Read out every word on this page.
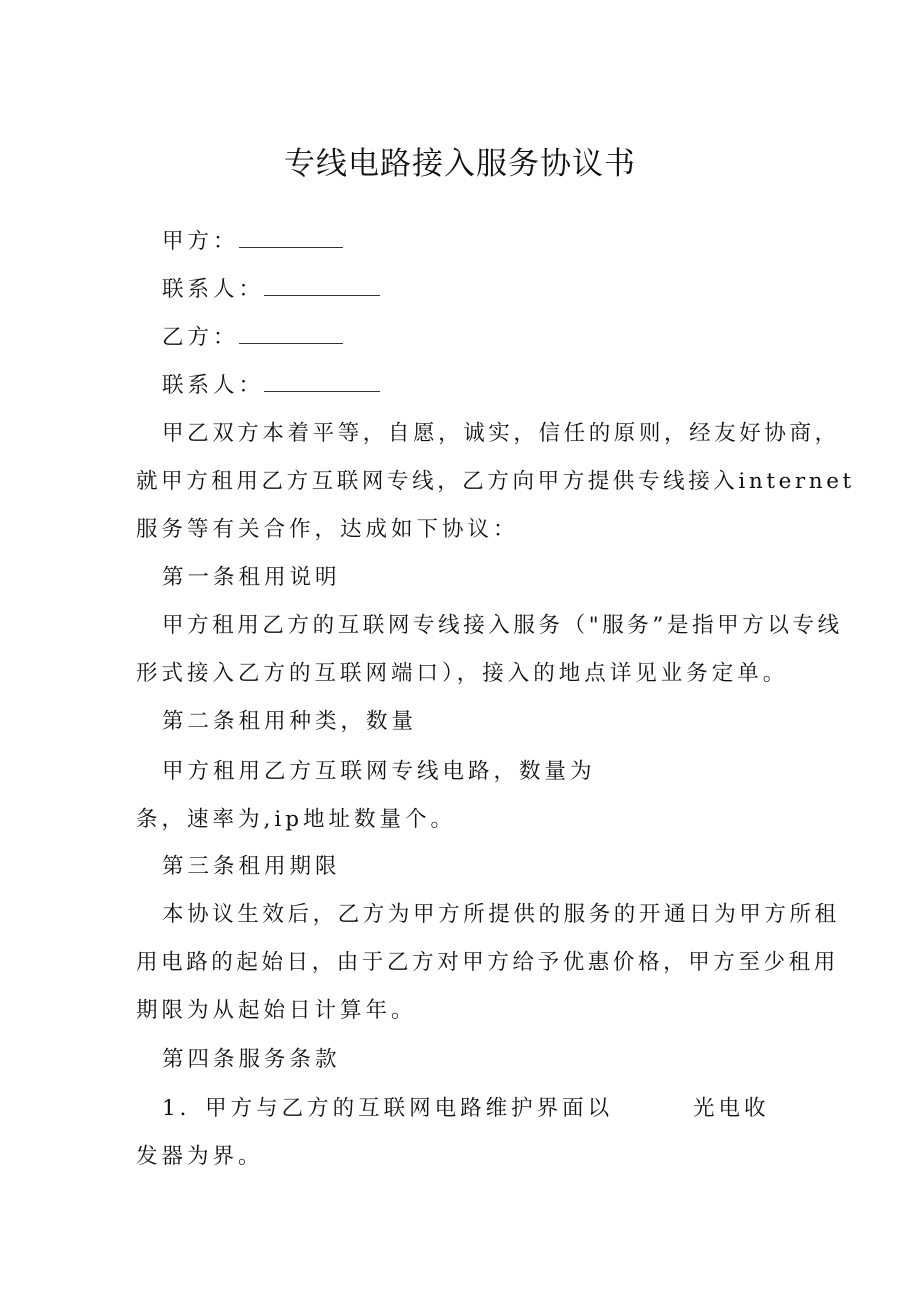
专线电路接入服务协议书
甲方：
联系人：
乙方：
联系人：
甲乙双方本着平等，自愿，诚实，信任的原则，经友好协商，
就甲方租用乙方互联网专线，乙方向甲方提供专线接入internet
服务等有关合作，达成如下协议：
第一条租用说明
甲方租用乙方的互联网专线接入服务（"服务”是指甲方以专线
形式接入乙方的互联网端口），接入的地点详见业务定单。
第二条租用种类，数量
甲方租用乙方互联网专线电路，数量为
条，速率为,ip地址数量个。
第三条租用期限
本协议生效后，乙方为甲方所提供的服务的开通日为甲方所租
用电路的起始日，由于乙方对甲方给予优惠价格，甲方至少租用
期限为从起始日计算年。
第四条服务条款
1．甲方与乙方的互联网电路维护界面以	光电收
发器为界。
